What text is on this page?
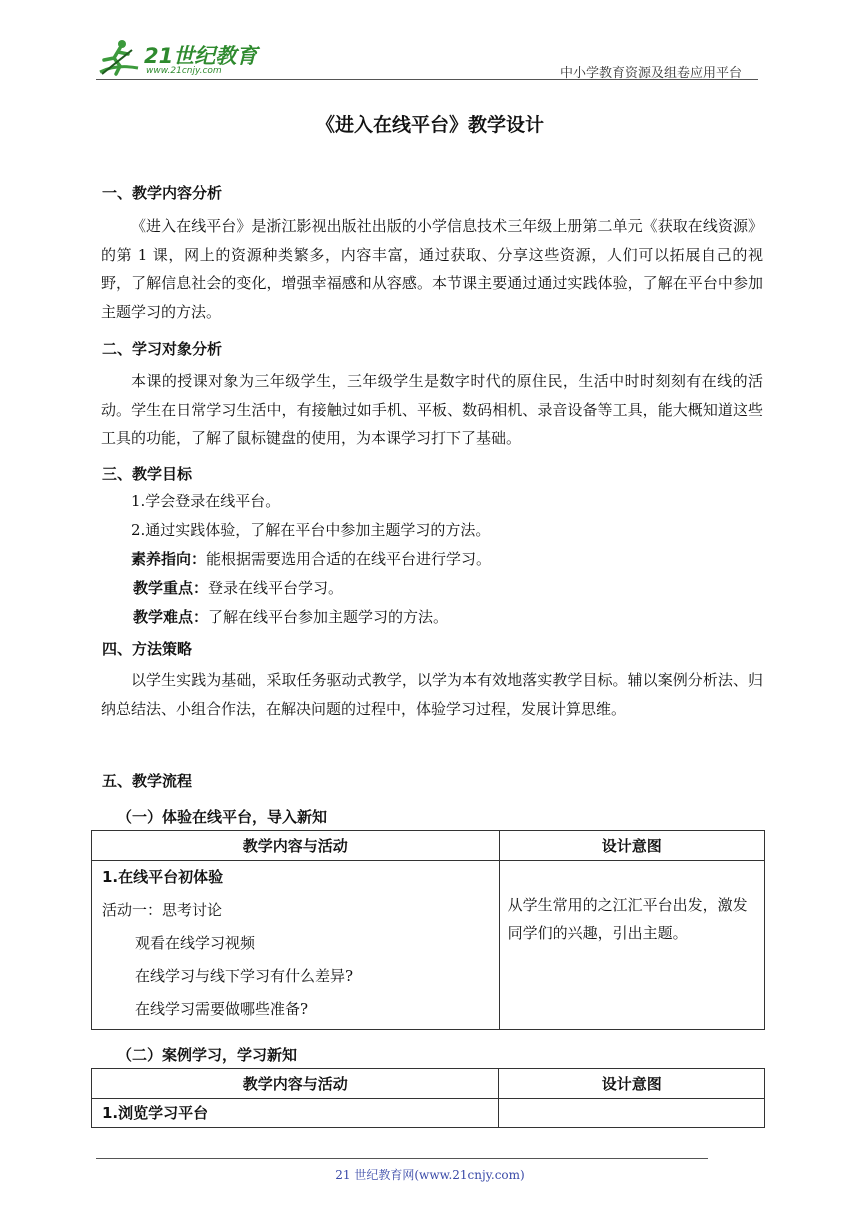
21世纪教育
www.21cnjy.com	中小学教育资源及组卷应用平台
《进入在线平台》教学设计
一、教学内容分析
《进入在线平台》是浙江影视出版社出版的小学信息技术三年级上册第二单元《获取在线资源》的第 1 课，网上的资源种类繁多，内容丰富，通过获取、分享这些资源，人们可以拓展自己的视野，了解信息社会的变化，增强幸福感和从容感。本节课主要通过通过实践体验，了解在平台中参加主题学习的方法。
二、学习对象分析
本课的授课对象为三年级学生，三年级学生是数字时代的原住民，生活中时时刻刻有在线的活动。学生在日常学习生活中，有接触过如手机、平板、数码相机、录音设备等工具，能大概知道这些工具的功能，了解了鼠标键盘的使用，为本课学习打下了基础。
三、教学目标
1.学会登录在线平台。
2.通过实践体验，了解在平台中参加主题学习的方法。
素养指向：能根据需要选用合适的在线平台进行学习。
教学重点：登录在线平台学习。
教学难点：了解在线平台参加主题学习的方法。
四、方法策略
以学生实践为基础，采取任务驱动式教学，以学为本有效地落实教学目标。辅以案例分析法、归纳总结法、小组合作法，在解决问题的过程中，体验学习过程，发展计算思维。
五、教学流程
（一）体验在线平台，导入新知
教学内容与活动	设计意图

1.在线平台初体验
活动一：思考讨论
观看在线学习视频
在线学习与线下学习有什么差异?
在线学习需要做哪些准备?	从学生常用的之江汇平台出发，激发同学们的兴趣，引出主题。
（二）案例学习，学习新知
教学内容与活动	设计意图

1.浏览学习平台	

21 世纪教育网(www.21cnjy.com)
